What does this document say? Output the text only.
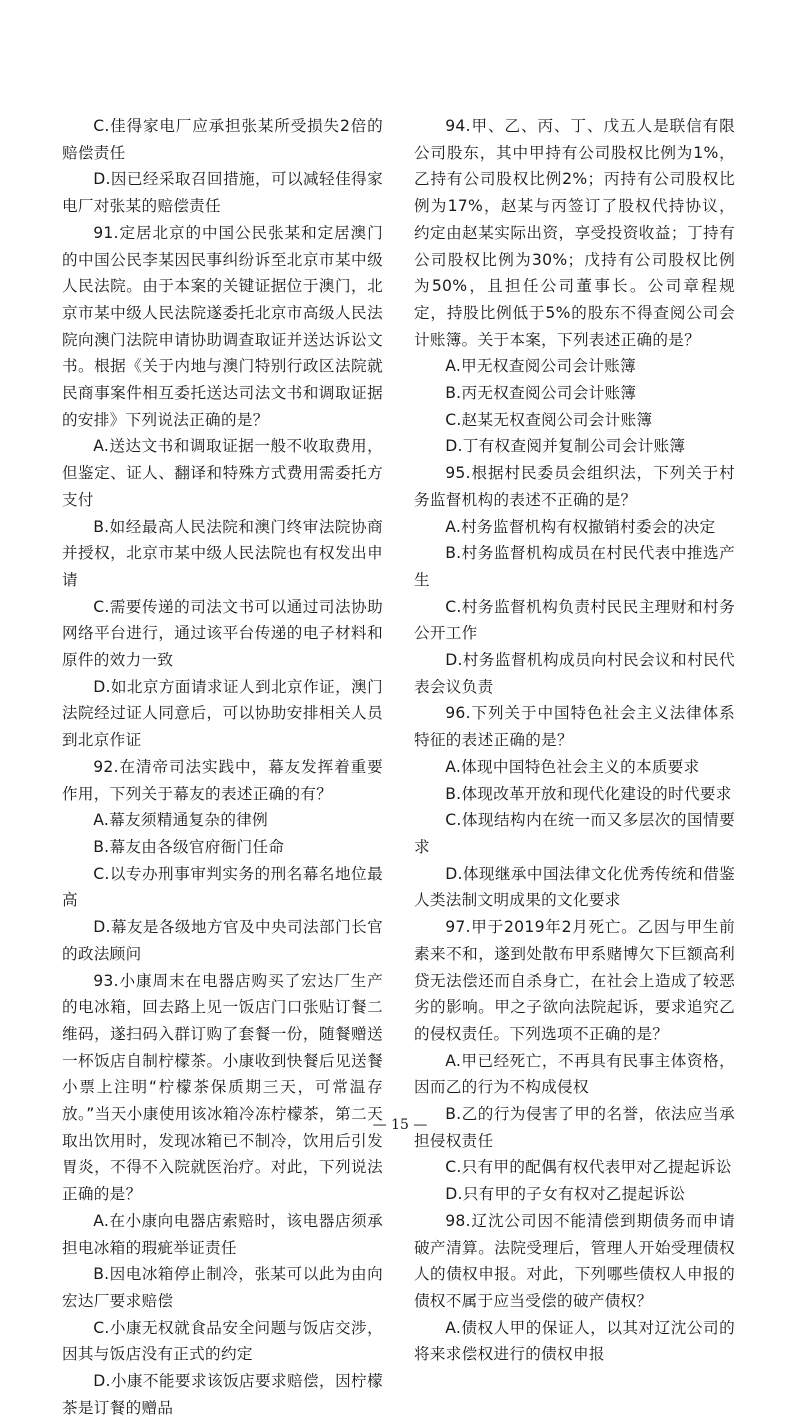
C.佳得家电厂应承担张某所受损失2倍的赔偿责任

D.因已经采取召回措施，可以减轻佳得家电厂对张某的赔偿责任

91.定居北京的中国公民张某和定居澳门的中国公民李某因民事纠纷诉至北京市某中级人民法院。由于本案的关键证据位于澳门，北京市某中级人民法院遂委托北京市高级人民法院向澳门法院申请协助调查取证并送达诉讼文书。根据《关于内地与澳门特别行政区法院就民商事案件相互委托送达司法文书和调取证据的安排》下列说法正确的是？

A.送达文书和调取证据一般不收取费用，但鉴定、证人、翻译和特殊方式费用需委托方支付

B.如经最高人民法院和澳门终审法院协商并授权，北京市某中级人民法院也有权发出申请

C.需要传递的司法文书可以通过司法协助网络平台进行，通过该平台传递的电子材料和原件的效力一致

D.如北京方面请求证人到北京作证，澳门法院经过证人同意后，可以协助安排相关人员到北京作证

92.在清帝司法实践中，幕友发挥着重要作用，下列关于幕友的表述正确的有？

A.幕友须精通复杂的律例

B.幕友由各级官府衙门任命

C.以专办刑事审判实务的刑名幕名地位最高

D.幕友是各级地方官及中央司法部门长官的政法顾问

93.小康周末在电器店购买了宏达厂生产的电冰箱，回去路上见一饭店门口张贴订餐二维码，遂扫码入群订购了套餐一份，随餐赠送一杯饭店自制柠檬茶。小康收到快餐后见送餐小票上注明“柠檬茶保质期三天，可常温存放。”当天小康使用该冰箱冷冻柠檬茶，第二天取出饮用时，发现冰箱已不制冷，饮用后引发胃炎，不得不入院就医治疗。对此，下列说法正确的是？

A.在小康向电器店索赔时，该电器店须承担电冰箱的瑕疵举证责任

B.因电冰箱停止制冷，张某可以此为由向宏达厂要求赔偿

C.小康无权就食品安全问题与饭店交涉，因其与饭店没有正式的约定

D.小康不能要求该饭店要求赔偿，因柠檬茶是订餐的赠品

94.甲、乙、丙、丁、戊五人是联信有限公司股东，其中甲持有公司股权比例为1%，乙持有公司股权比例2%；丙持有公司股权比例为17%，赵某与丙签订了股权代持协议，约定由赵某实际出资，享受投资收益；丁持有公司股权比例为30%；戊持有公司股权比例为50%，且担任公司董事长。公司章程规定，持股比例低于5%的股东不得查阅公司会计账簿。关于本案，下列表述正确的是？

A.甲无权查阅公司会计账簿

B.丙无权查阅公司会计账簿

C.赵某无权查阅公司会计账簿

D.丁有权查阅并复制公司会计账簿

95.根据村民委员会组织法，下列关于村务监督机构的表述不正确的是？

A.村务监督机构有权撤销村委会的决定

B.村务监督机构成员在村民代表中推选产生

C.村务监督机构负责村民民主理财和村务公开工作

D.村务监督机构成员向村民会议和村民代表会议负责

96.下列关于中国特色社会主义法律体系特征的表述正确的是？

A.体现中国特色社会主义的本质要求

B.体现改革开放和现代化建设的时代要求

C.体现结构内在统一而又多层次的国情要求

D.体现继承中国法律文化优秀传统和借鉴人类法制文明成果的文化要求

97.甲于2019年2月死亡。乙因与甲生前素来不和，遂到处散布甲系赌博欠下巨额高利贷无法偿还而自杀身亡，在社会上造成了较恶劣的影响。甲之子欲向法院起诉，要求追究乙的侵权责任。下列选项不正确的是？

A.甲已经死亡，不再具有民事主体资格，因而乙的行为不构成侵权

B.乙的行为侵害了甲的名誉，依法应当承担侵权责任

C.只有甲的配偶有权代表甲对乙提起诉讼

D.只有甲的子女有权对乙提起诉讼

98.辽沈公司因不能清偿到期债务而申请破产清算。法院受理后，管理人开始受理债权人的债权申报。对此，下列哪些债权人申报的债权不属于应当受偿的破产债权？

A.债权人甲的保证人，以其对辽沈公司的将来求偿权进行的债权申报

— 15 —
